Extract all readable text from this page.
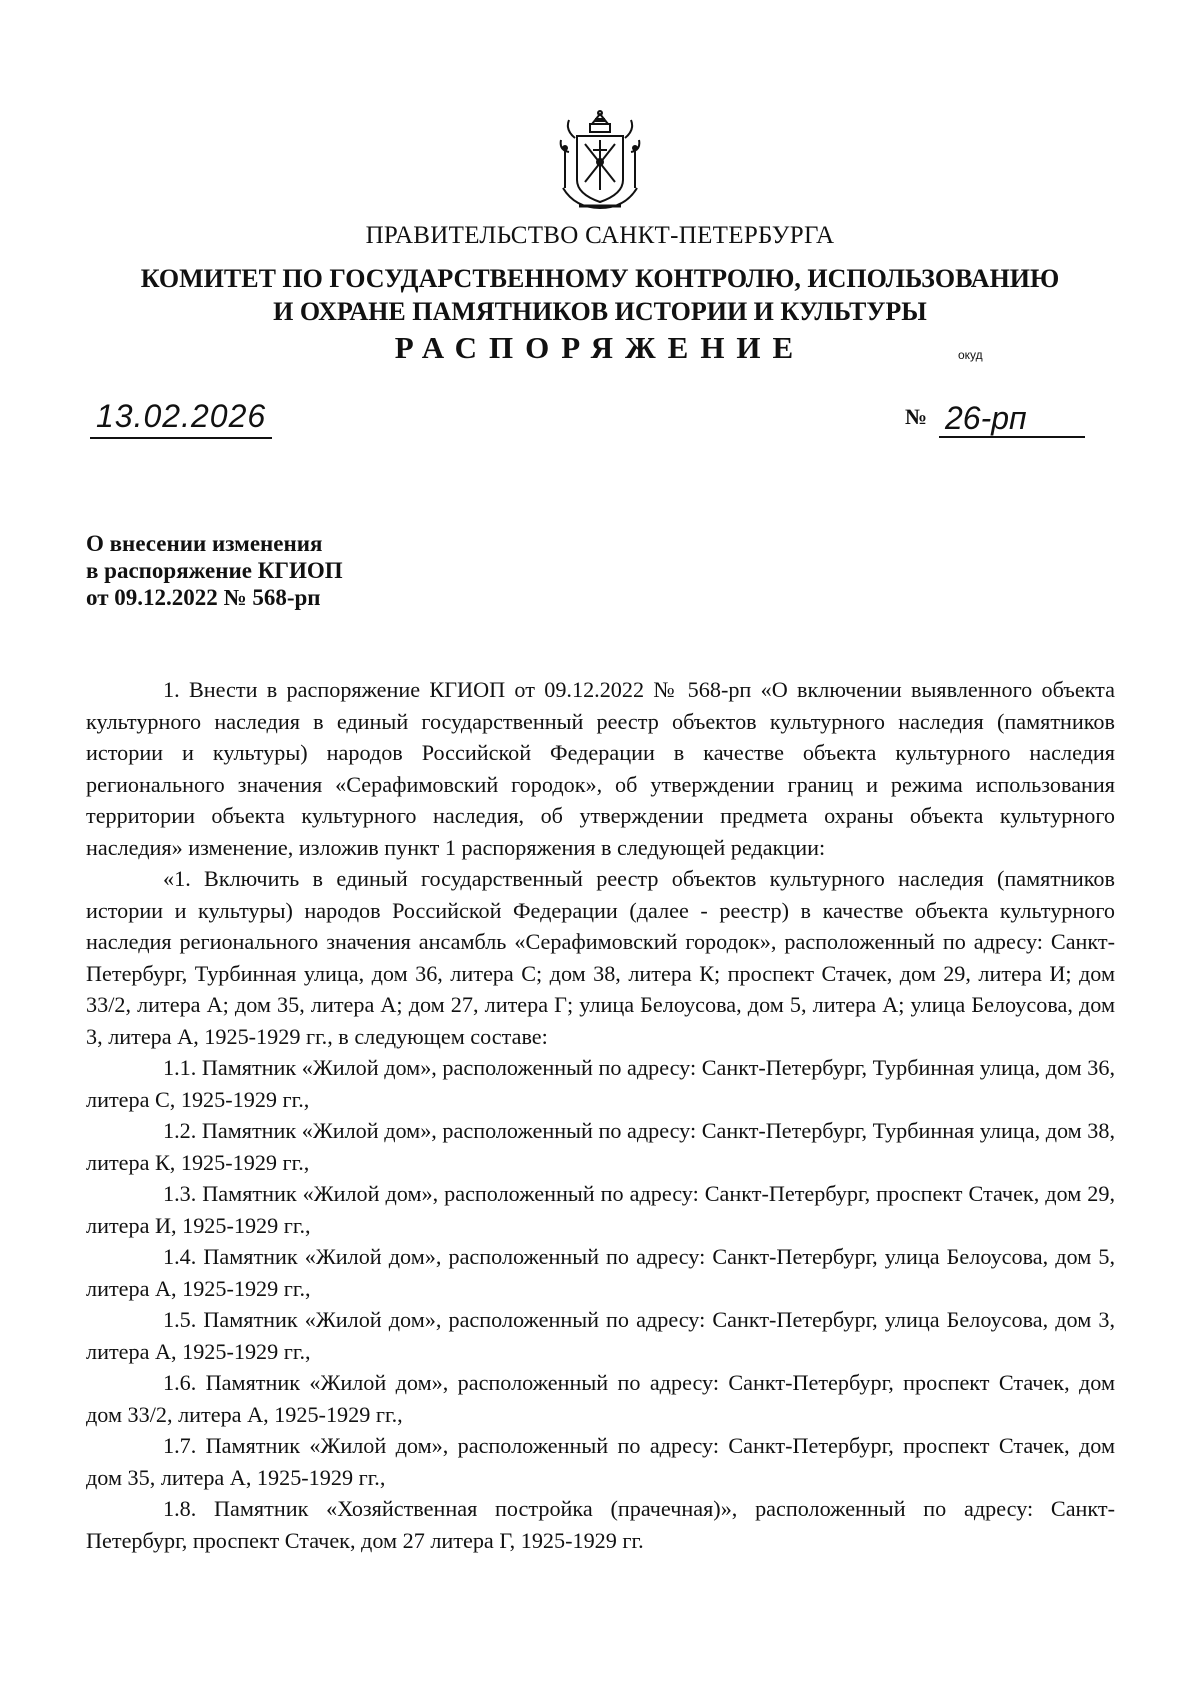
ПРАВИТЕЛЬСТВО САНКТ-ПЕТЕРБУРГА
КОМИТЕТ ПО ГОСУДАРСТВЕННОМУ КОНТРОЛЮ, ИСПОЛЬЗОВАНИЮ
И ОХРАНЕ ПАМЯТНИКОВ ИСТОРИИ И КУЛЬТУРЫ
РАСПОРЯЖЕНИЕ	окуд
13.02.2026	№ 26-рп
О внесении изменения
в распоряжение КГИОП
от 09.12.2022 № 568-рп

1. Внести в распоряжение КГИОП от 09.12.2022 № 568-рп «О включении выявленного объекта культурного наследия в единый государственный реестр объектов культурного наследия (памятников истории и культуры) народов Российской Федерации в качестве объекта культурного наследия регионального значения «Серафимовский городок», об утверждении границ и режима использования территории объекта культурного наследия, об утверждении предмета охраны объекта культурного наследия» изменение, изложив пункт 1 распоряжения в следующей редакции:

«1. Включить в единый государственный реестр объектов культурного наследия (памятников истории и культуры) народов Российской Федерации (далее - реестр) в качестве объекта культурного наследия регионального значения ансамбль «Серафимовский городок», расположенный по адресу: Санкт-Петербург, Турбинная улица, дом 36, литера С; дом 38, литера К; проспект Стачек, дом 29, литера И; дом 33/2, литера А; дом 35, литера А; дом 27, литера Г; улица Белоусова, дом 5, литера А; улица Белоусова, дом 3, литера А, 1925-1929 гг., в следующем составе:

1.1. Памятник «Жилой дом», расположенный по адресу: Санкт-Петербург, Турбинная улица, дом 36, литера С, 1925-1929 гг.,

1.2. Памятник «Жилой дом», расположенный по адресу: Санкт-Петербург, Турбинная улица, дом 38, литера К, 1925-1929 гг.,

1.3. Памятник «Жилой дом», расположенный по адресу: Санкт-Петербург, проспект Стачек, дом 29, литера И, 1925-1929 гг.,

1.4. Памятник «Жилой дом», расположенный по адресу: Санкт-Петербург, улица Белоусова, дом 5, литера А, 1925-1929 гг.,

1.5. Памятник «Жилой дом», расположенный по адресу: Санкт-Петербург, улица Белоусова, дом 3, литера А, 1925-1929 гг.,

1.6. Памятник «Жилой дом», расположенный по адресу: Санкт-Петербург, проспект Стачек, дом дом 33/2, литера А, 1925-1929 гг.,

1.7. Памятник «Жилой дом», расположенный по адресу: Санкт-Петербург, проспект Стачек, дом дом 35, литера А, 1925-1929 гг.,

1.8. Памятник «Хозяйственная постройка (прачечная)», расположенный по адресу: Санкт-Петербург, проспект Стачек, дом 27 литера Г, 1925-1929 гг.
